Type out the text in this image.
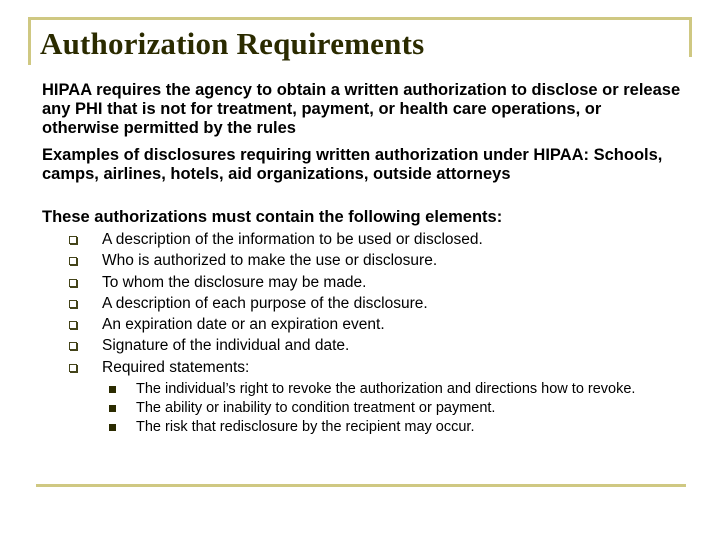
Authorization Requirements
HIPAA requires the agency to obtain a written authorization to disclose or release any PHI that is not for treatment, payment, or health care operations, or otherwise permitted by the rules
Examples of disclosures requiring written authorization under HIPAA: Schools, camps, airlines, hotels, aid organizations, outside attorneys
These authorizations must contain the following elements:
A description of the information to be used or disclosed.
Who is authorized to make the use or disclosure.
To whom the disclosure may be made.
A description of each purpose of the disclosure.
An expiration date or an expiration event.
Signature of the individual and date.
Required statements:
The individual’s right to revoke the authorization and directions how to revoke.
The ability or inability to condition treatment or payment.
The risk that redisclosure by the recipient may occur.
